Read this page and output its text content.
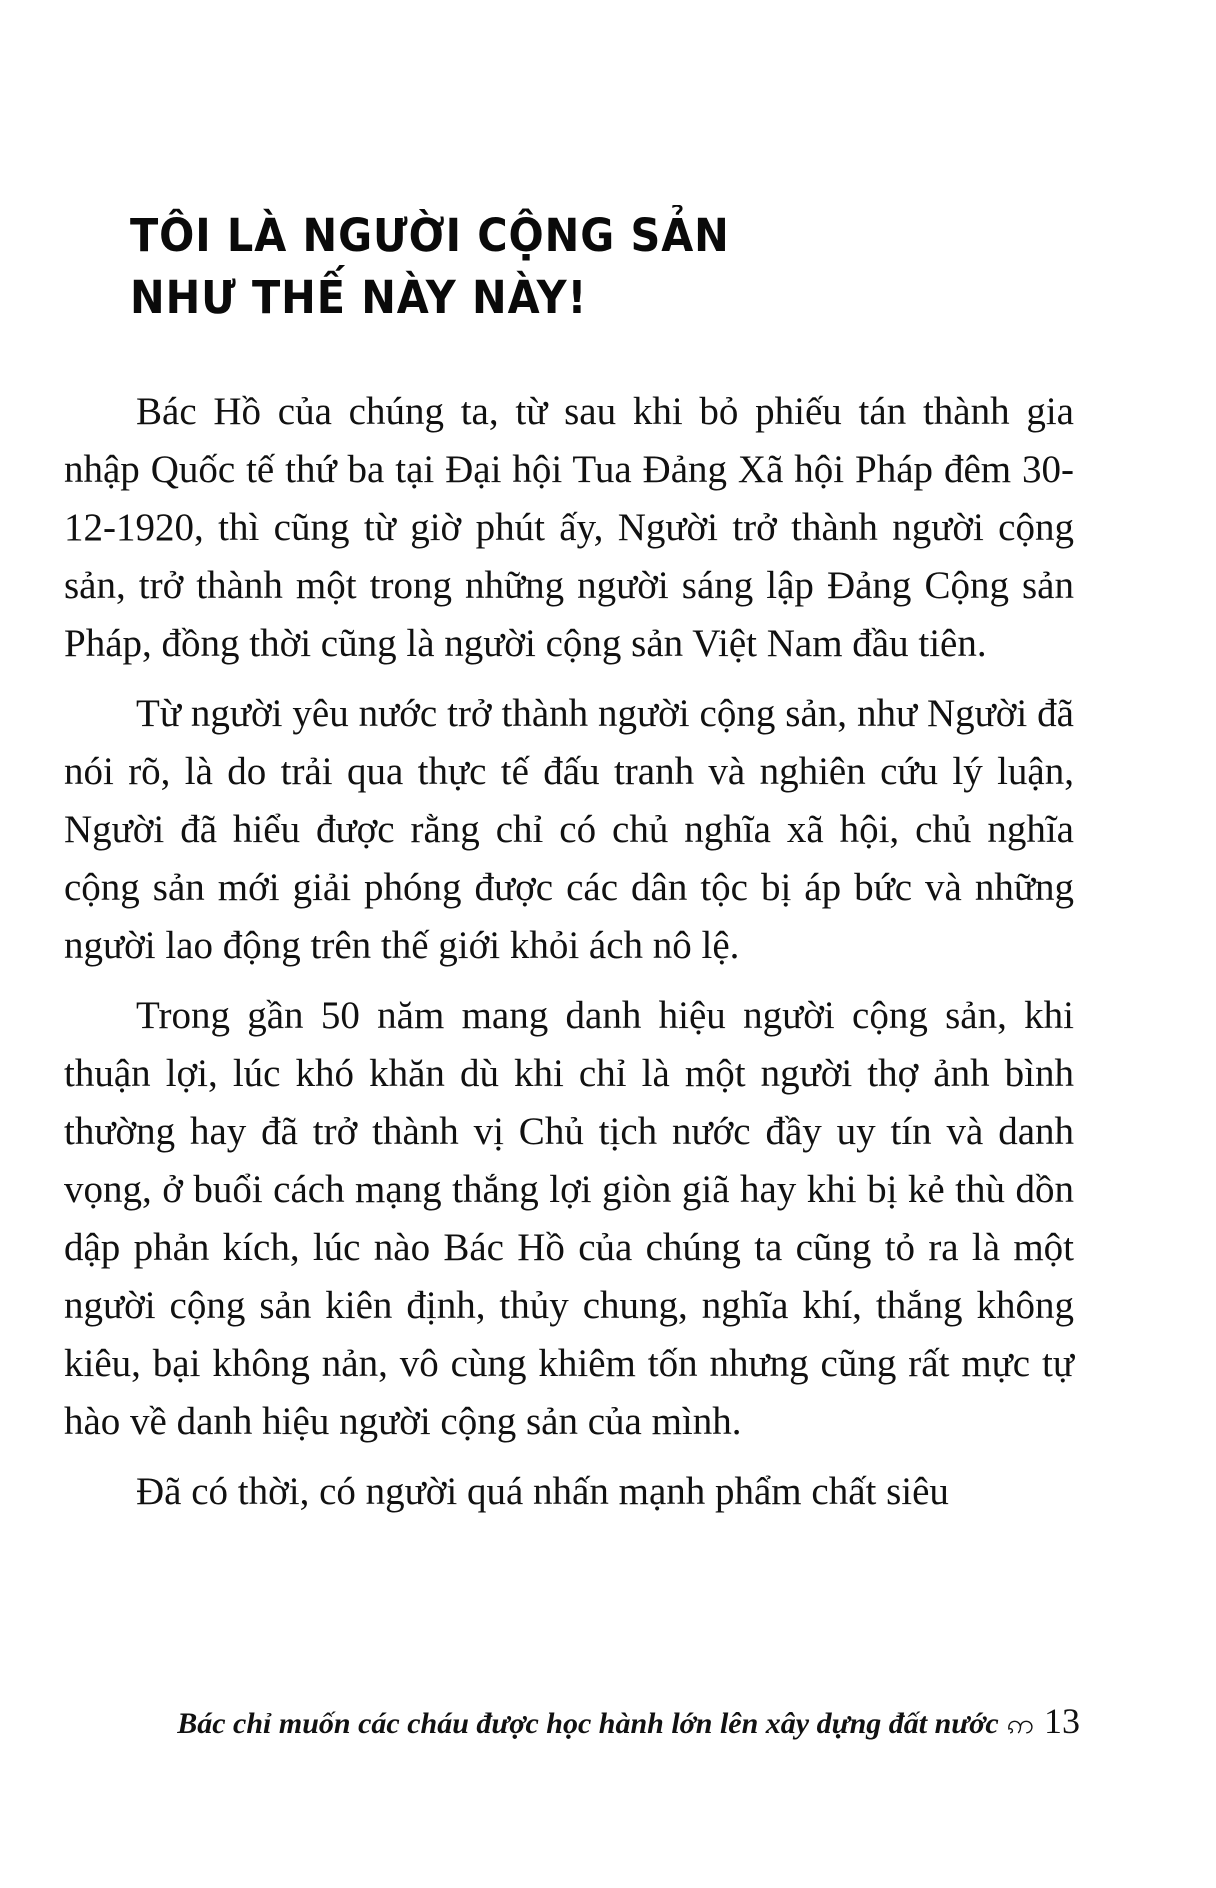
TÔI LÀ NGƯỜI CỘNG SẢN
NHƯ THẾ NÀY NÀY!

Bác Hồ của chúng ta, từ sau khi bỏ phiếu tán thành gia nhập Quốc tế thứ ba tại Đại hội Tua Đảng Xã hội Pháp đêm 30-12-1920, thì cũng từ giờ phút ấy, Người trở thành người cộng sản, trở thành một trong những người sáng lập Đảng Cộng sản Pháp, đồng thời cũng là người cộng sản Việt Nam đầu tiên.

Từ người yêu nước trở thành người cộng sản, như Người đã nói rõ, là do trải qua thực tế đấu tranh và nghiên cứu lý luận, Người đã hiểu được rằng chỉ có chủ nghĩa xã hội, chủ nghĩa cộng sản mới giải phóng được các dân tộc bị áp bức và những người lao động trên thế giới khỏi ách nô lệ.

Trong gần 50 năm mang danh hiệu người cộng sản, khi thuận lợi, lúc khó khăn dù khi chỉ là một người thợ ảnh bình thường hay đã trở thành vị Chủ tịch nước đầy uy tín và danh vọng, ở buổi cách mạng thắng lợi giòn giã hay khi bị kẻ thù dồn dập phản kích, lúc nào Bác Hồ của chúng ta cũng tỏ ra là một người cộng sản kiên định, thủy chung, nghĩa khí, thắng không kiêu, bại không nản, vô cùng khiêm tốn nhưng cũng rất mực tự hào về danh hiệu người cộng sản của mình.

Đã có thời, có người quá nhấn mạnh phẩm chất siêu

Bác chỉ muốn các cháu được học hành lớn lên xây dựng đất nước ဢ 13
